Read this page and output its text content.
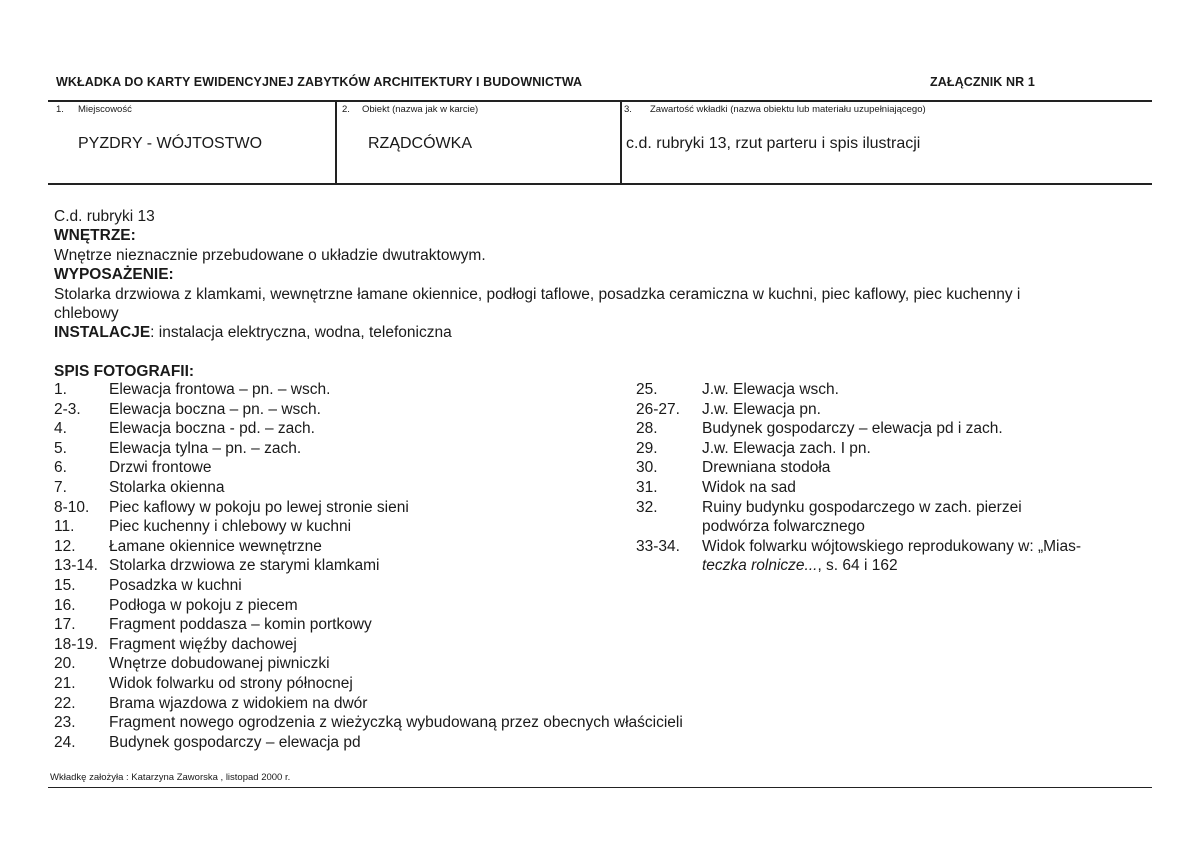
WKŁADKA DO KARTY EWIDENCYJNEJ ZABYTKÓW ARCHITEKTURY I BUDOWNICTWA	ZAŁĄCZNIK NR 1
1. Miejscowość
PYZDRY - WÓJTOSTWO
2. Obiekt (nazwa jak w karcie)
RZĄDCÓWKA
3. Zawartość wkładki (nazwa obiektu lub materiału uzupełniającego)
c.d. rubryki 13, rzut parteru i spis ilustracji
C.d. rubryki 13
WNĘTRZE:
Wnętrze nieznacznie przebudowane o układzie dwutraktowym.
WYPOSAŻENIE:
Stolarka drzwiowa z klamkami, wewnętrzne łamane okiennice, podłogi taflowe, posadzka ceramiczna w kuchni, piec kaflowy, piec kuchenny i
chlebowy
INSTALACJE: instalacja elektryczna, wodna, telefoniczna
SPIS FOTOGRAFII:
1.	Elewacja frontowa – pn. – wsch.
2-3. Elewacja boczna – pn. – wsch.
4.	Elewacja boczna - pd. – zach.
5.	Elewacja tylna – pn. – zach.
6.	Drzwi frontowe
7.	Stolarka okienna
8-10. Piec kaflowy w pokoju po lewej stronie sieni
11. Piec kuchenny i chlebowy w kuchni
12. Łamane okiennice wewnętrzne
13-14. Stolarka drzwiowa ze starymi klamkami
15. Posadzka w kuchni
16. Podłoga w pokoju z piecem
17. Fragment poddasza – komin portkowy
18-19. Fragment więźby dachowej
20. Wnętrze dobudowanej piwniczki
21. Widok folwarku od strony północnej
22. Brama wjazdowa z widokiem na dwór
23. Fragment nowego ogrodzenia z wieżyczką wybudowaną przez obecnych właścicieli
24. Budynek gospodarczy – elewacja pd
25.	J.w. Elewacja wsch.
26-27. J.w. Elewacja pn.
28.	Budynek gospodarczy – elewacja pd i zach.
29.	J.w. Elewacja zach. I pn.
30.	Drewniana stodoła
31.	Widok na sad
32.	Ruiny budynku gospodarczego w zach. pierzei
podwórza folwarcznego
33-34. Widok folwarku wójtowskiego reprodukowany w: „Mias-
teczka rolnicze..., s. 64 i 162
Wkładkę założyła : Katarzyna Zaworska , listopad 2000 r.
